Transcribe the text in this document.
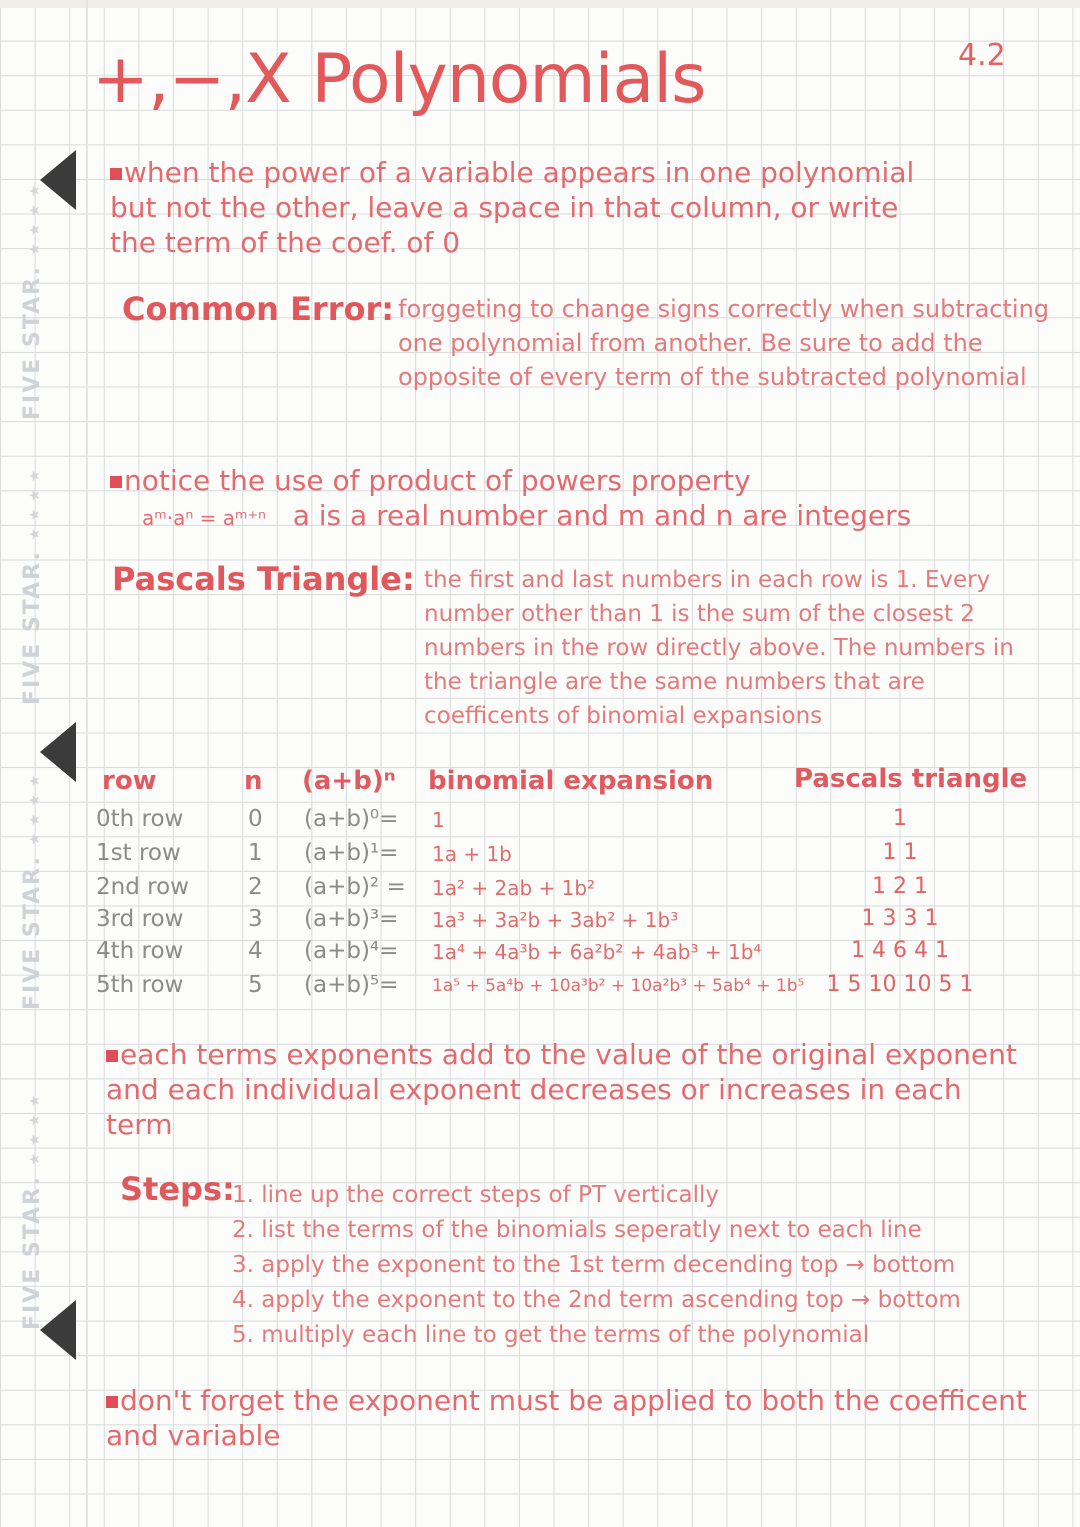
FIVE STAR. ★ ★ ★ ★
FIVE STAR. ★ ★ ★ ★
FIVE STAR. ★ ★ ★ ★
FIVE STAR. ★ ★ ★ ★
+,−,X Polynomials	4.2
when the power of a variable appears in one polynomial but not the other, leave a space in that column, or write the term of the coef. of 0
Common Error: forggeting to change signs correctly when subtracting one polynomial from another. Be sure to add the opposite of every term of the subtracted polynomial
notice the use of product of powers property
aᵐ·aⁿ = aᵐ⁺ⁿ a is a real number and m and n are integers
Pascals Triangle: the first and last numbers in each row is 1. Every number other than 1 is the sum of the closest 2 numbers in the row directly above. The numbers in the triangle are the same numbers that are coefficents of binomial expansions
row	n (a+b)ⁿ binomial expansion	Pascals triangle
0th row	0 (a+b)⁰= 1	1
1st row	1 (a+b)¹= 1a + 1b	1 1
2nd row	2 (a+b)² = 1a² + 2ab + 1b²	1 2 1
3rd row	3 (a+b)³= 1a³ + 3a²b + 3ab² + 1b³	1 3 3 1
4th row	4 (a+b)⁴= 1a⁴ + 4a³b + 6a²b² + 4ab³ + 1b⁴	1 4 6 4 1
5th row	5 (a+b)⁵= 1a⁵ + 5a⁴b + 10a³b² + 10a²b³ + 5ab⁴ + 1b⁵	1 5 10 10 5 1
each terms exponents add to the value of the original exponent and each individual exponent decreases or increases in each term
Steps:
1. line up the correct steps of PT vertically
2. list the terms of the binomials seperatly next to each line
3. apply the exponent to the 1st term decending top → bottom
4. apply the exponent to the 2nd term ascending top → bottom
5. multiply each line to get the terms of the polynomial
don't forget the exponent must be applied to both the coefficent and variable
